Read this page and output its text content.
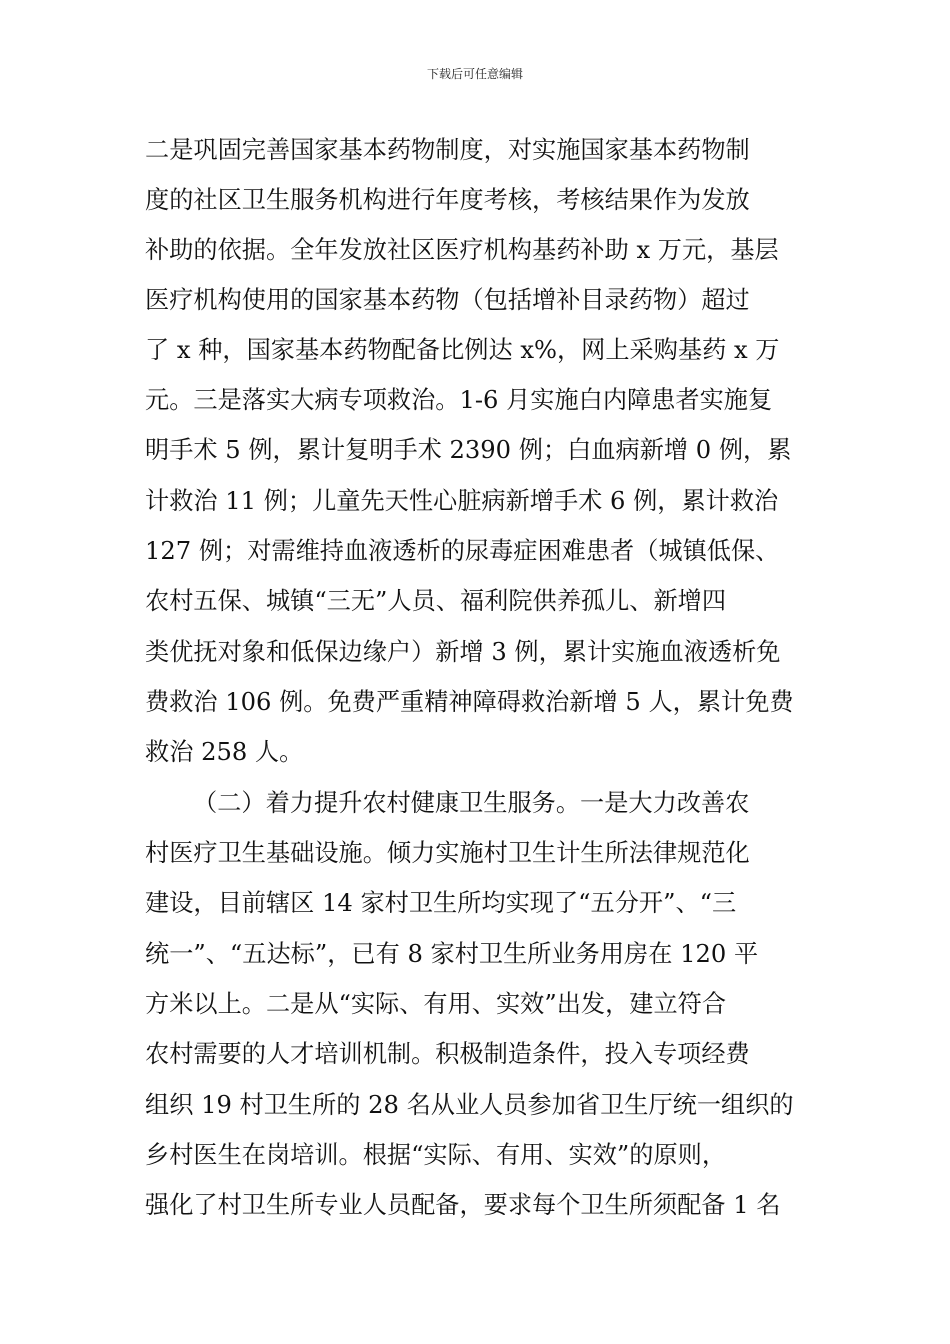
下载后可任意编辑
二是巩固完善国家基本药物制度，对实施国家基本药物制
度的社区卫生服务机构进行年度考核，考核结果作为发放
补助的依据。全年发放社区医疗机构基药补助 x 万元，基层
医疗机构使用的国家基本药物（包括增补目录药物）超过
了 x 种，国家基本药物配备比例达 x%，网上采购基药 x 万
元。三是落实大病专项救治。1-6 月实施白内障患者实施复
明手术 5 例，累计复明手术 2390 例；白血病新增 0 例，累
计救治 11 例；儿童先天性心脏病新增手术 6 例，累计救治
127 例；对需维持血液透析的尿毒症困难患者（城镇低保、
农村五保、城镇“三无”人员、福利院供养孤儿、新增四
类优抚对象和低保边缘户）新增 3 例，累计实施血液透析免
费救治 106 例。免费严重精神障碍救治新增 5 人，累计免费
救治 258 人。
（二）着力提升农村健康卫生服务。一是大力改善农
村医疗卫生基础设施。倾力实施村卫生计生所法律规范化
建设，目前辖区 14 家村卫生所均实现了“五分开”、“三
统一”、“五达标”，已有 8 家村卫生所业务用房在 120 平
方米以上。二是从“实际、有用、实效”出发，建立符合
农村需要的人才培训机制。积极制造条件，投入专项经费
组织 19 村卫生所的 28 名从业人员参加省卫生厅统一组织的
乡村医生在岗培训。根据“实际、有用、实效”的原则，
强化了村卫生所专业人员配备，要求每个卫生所须配备 1 名
